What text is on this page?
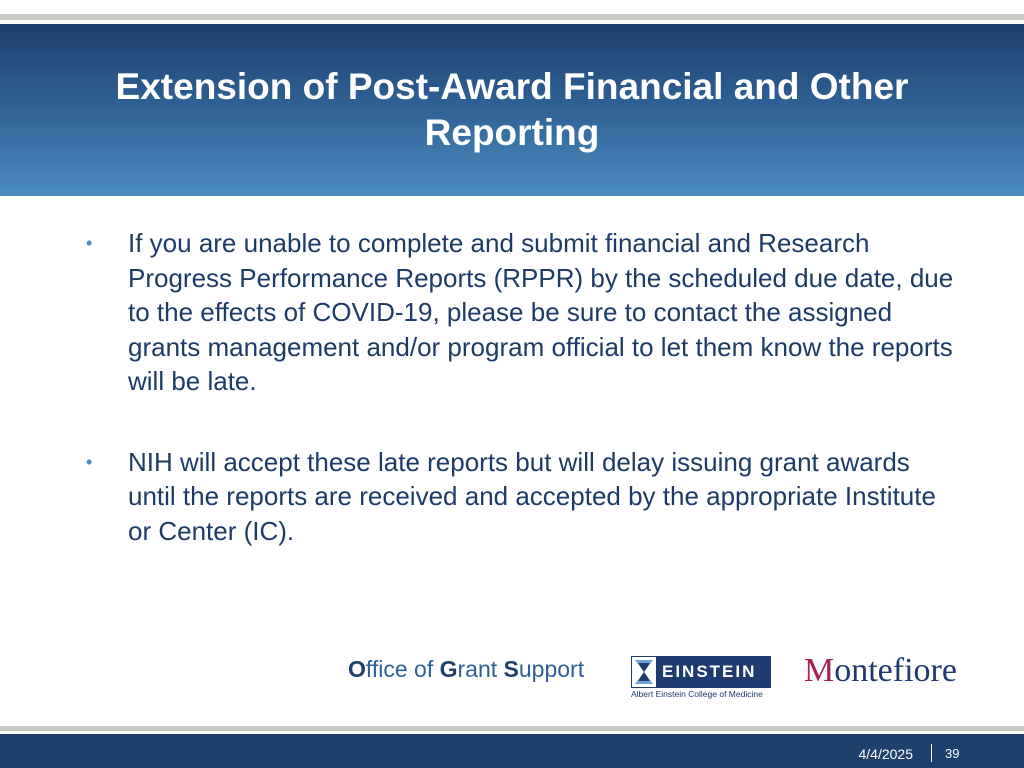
Extension of Post-Award Financial and Other Reporting
•	If you are unable to complete and submit financial and Research Progress Performance Reports (RPPR) by the scheduled due date, due to the effects of COVID-19, please be sure to contact the assigned grants management and/or program official to let them know the reports will be late.
•	NIH will accept these late reports but will delay issuing grant awards until the reports are received and accepted by the appropriate Institute or Center (IC).
Office of Grant Support	EINSTEIN
Albert Einstein College of Medicine
Montefiore
4/4/2025 39
